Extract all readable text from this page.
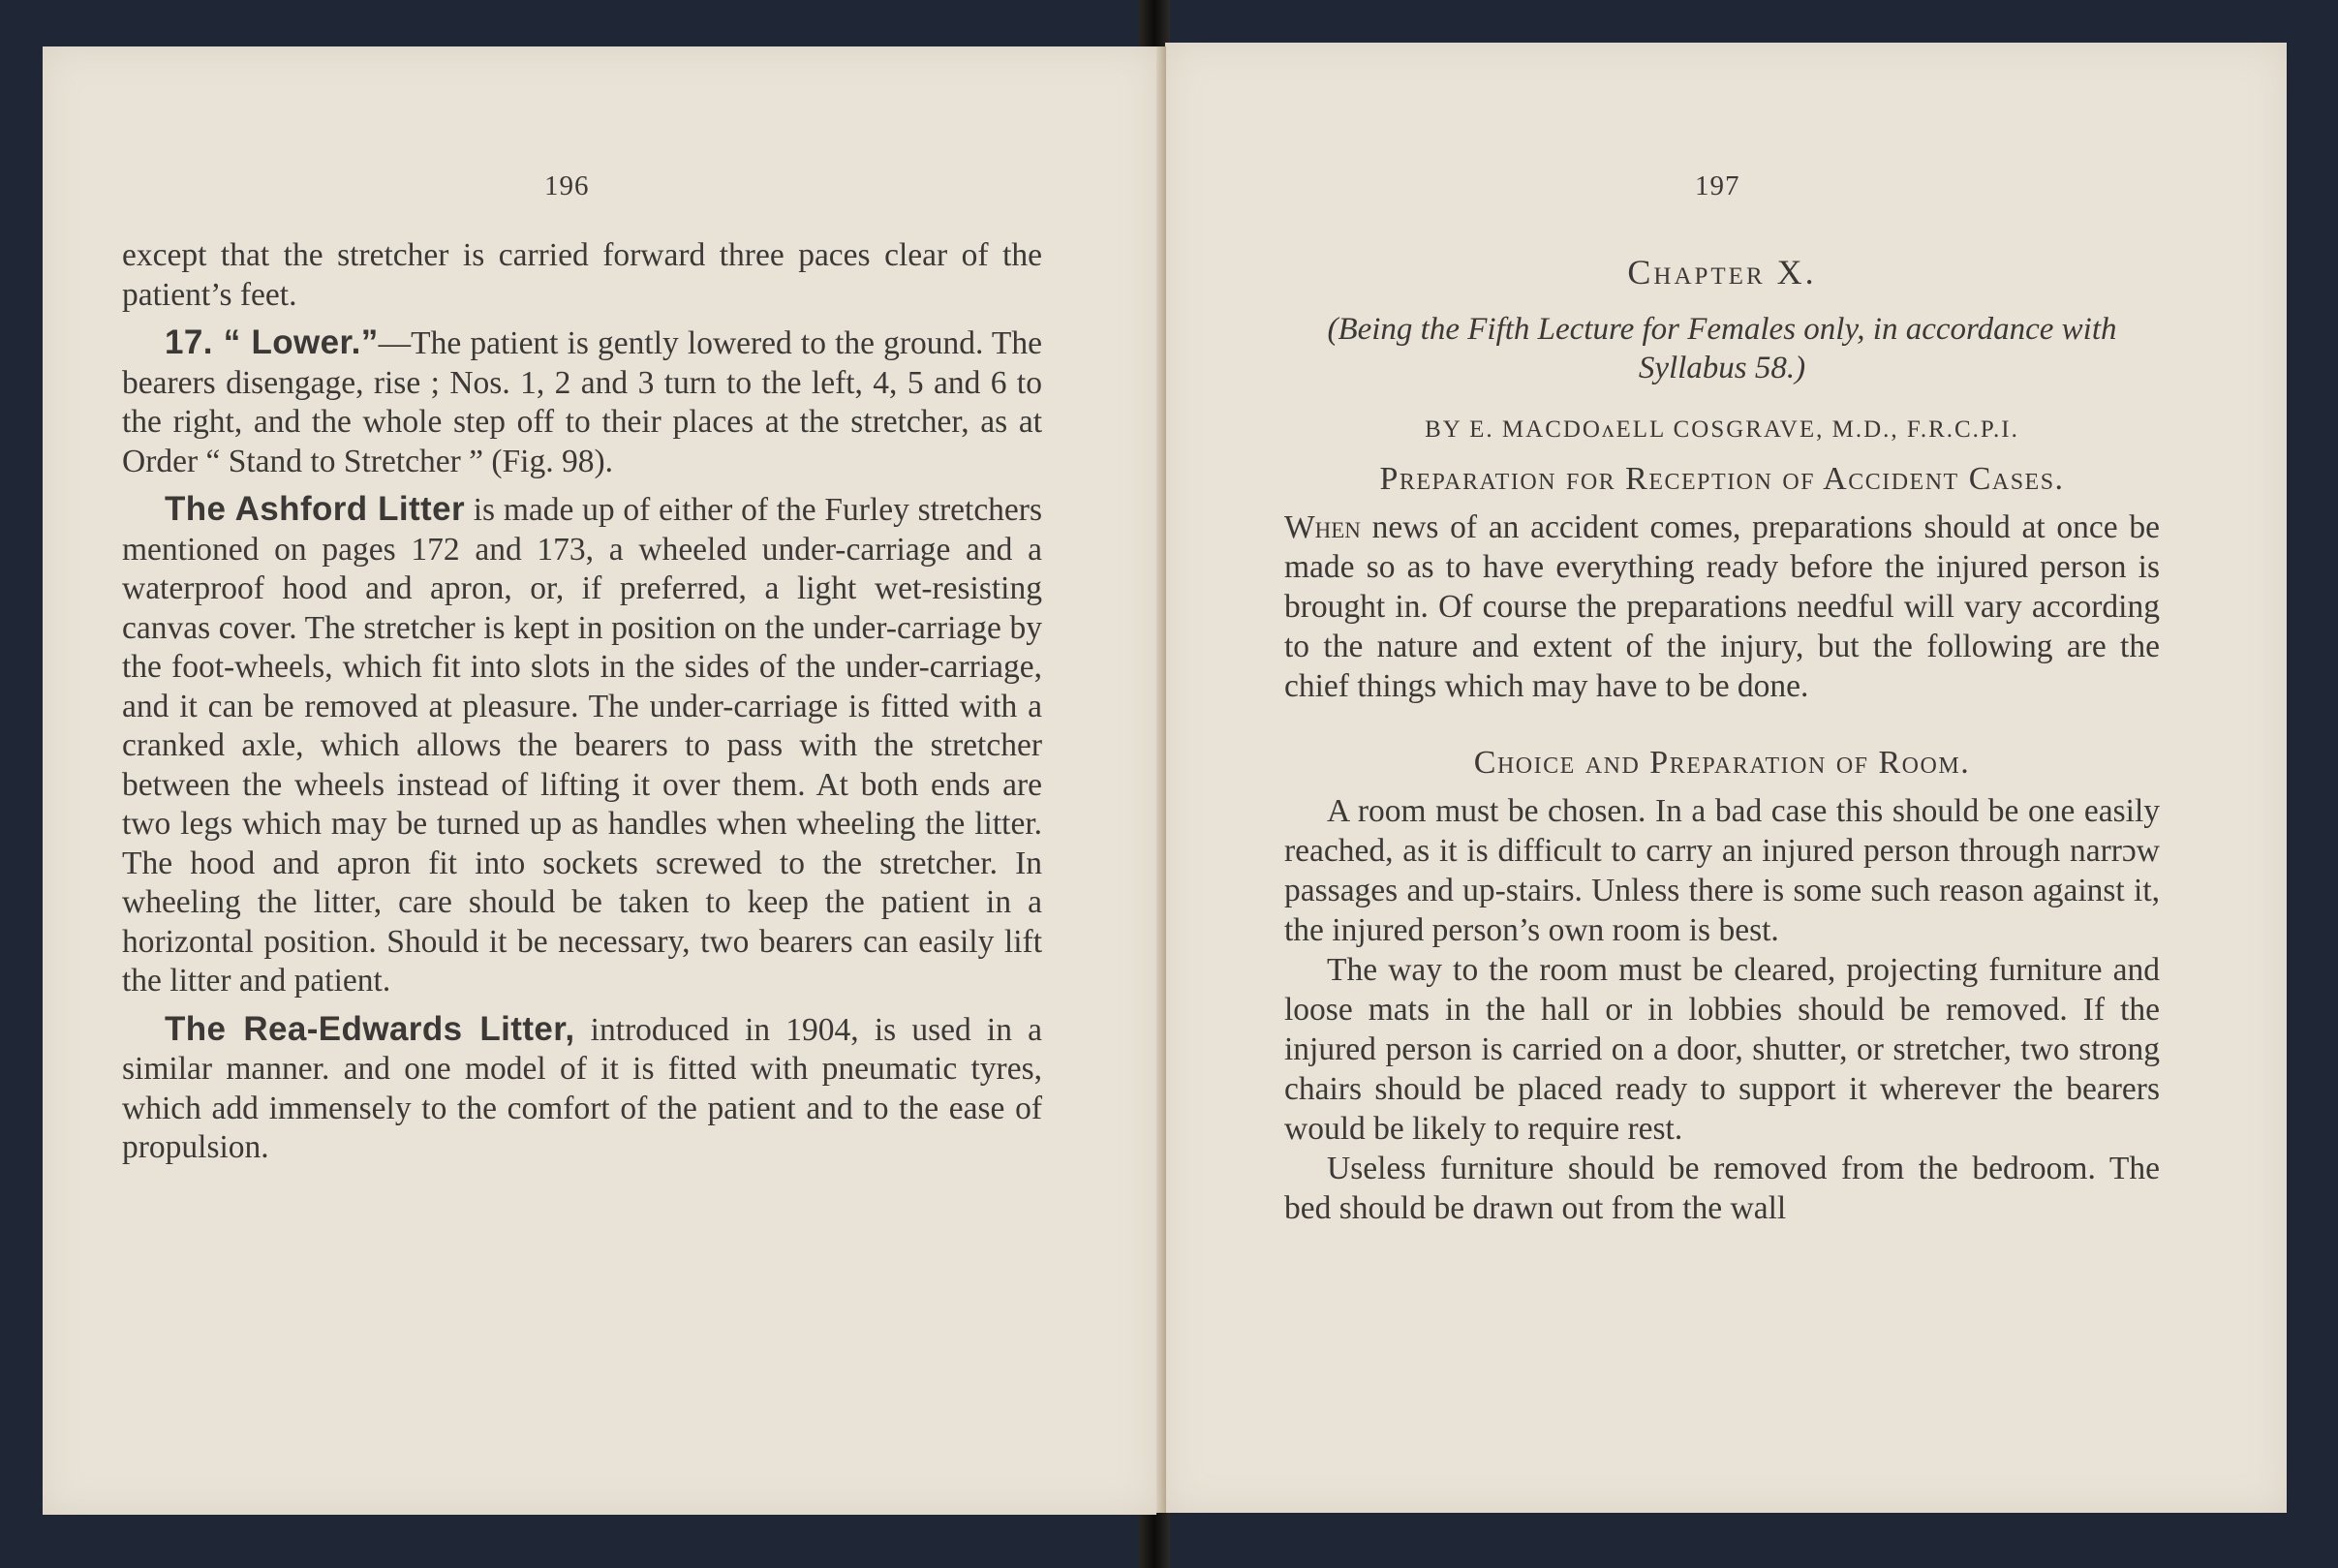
196

except that the stretcher is carried forward three paces clear of the patient’s feet.

17. “ Lower.”—The patient is gently lowered to the ground. The bearers disengage, rise ; Nos. 1, 2 and 3 turn to the left, 4, 5 and 6 to the right, and the whole step off to their places at the stretcher, as at Order “ Stand to Stretcher ” (Fig. 98).

The Ashford Litter is made up of either of the Furley stretchers mentioned on pages 172 and 173, a wheeled under-carriage and a waterproof hood and apron, or, if preferred, a light wet-resisting canvas cover. The stretcher is kept in position on the under-carriage by the foot-wheels, which fit into slots in the sides of the under-carriage, and it can be removed at pleasure. The under-carriage is fitted with a cranked axle, which allows the bearers to pass with the stretcher between the wheels instead of lifting it over them. At both ends are two legs which may be turned up as handles when wheeling the litter. The hood and apron fit into sockets screwed to the stretcher. In wheeling the litter, care should be taken to keep the patient in a horizontal position. Should it be necessary, two bearers can easily lift the litter and patient.

The Rea-Edwards Litter, introduced in 1904, is used in a similar manner. and one model of it is fitted with pneumatic tyres, which add immensely to the comfort of the patient and to the ease of propulsion.

197

Chapter X.

(Being the Fifth Lecture for Females only, in accordance with Syllabus 58.)

BY E. MACDOᴧELL COSGRAVE, M.D., F.R.C.P.I.

Preparation for Reception of Accident Cases.

When news of an accident comes, preparations should at once be made so as to have everything ready before the injured person is brought in. Of course the preparations needful will vary according to the nature and extent of the injury, but the following are the chief things which may have to be done.

Choice and Preparation of Room.

A room must be chosen. In a bad case this should be one easily reached, as it is difficult to carry an injured person through narrɔw passages and up-stairs. Unless there is some such reason against it, the injured person’s own room is best.

The way to the room must be cleared, projecting furniture and loose mats in the hall or in lobbies should be removed. If the injured person is carried on a door, shutter, or stretcher, two strong chairs should be placed ready to support it wherever the bearers would be likely to require rest.

Useless furniture should be removed from the bedroom. The bed should be drawn out from the wall
